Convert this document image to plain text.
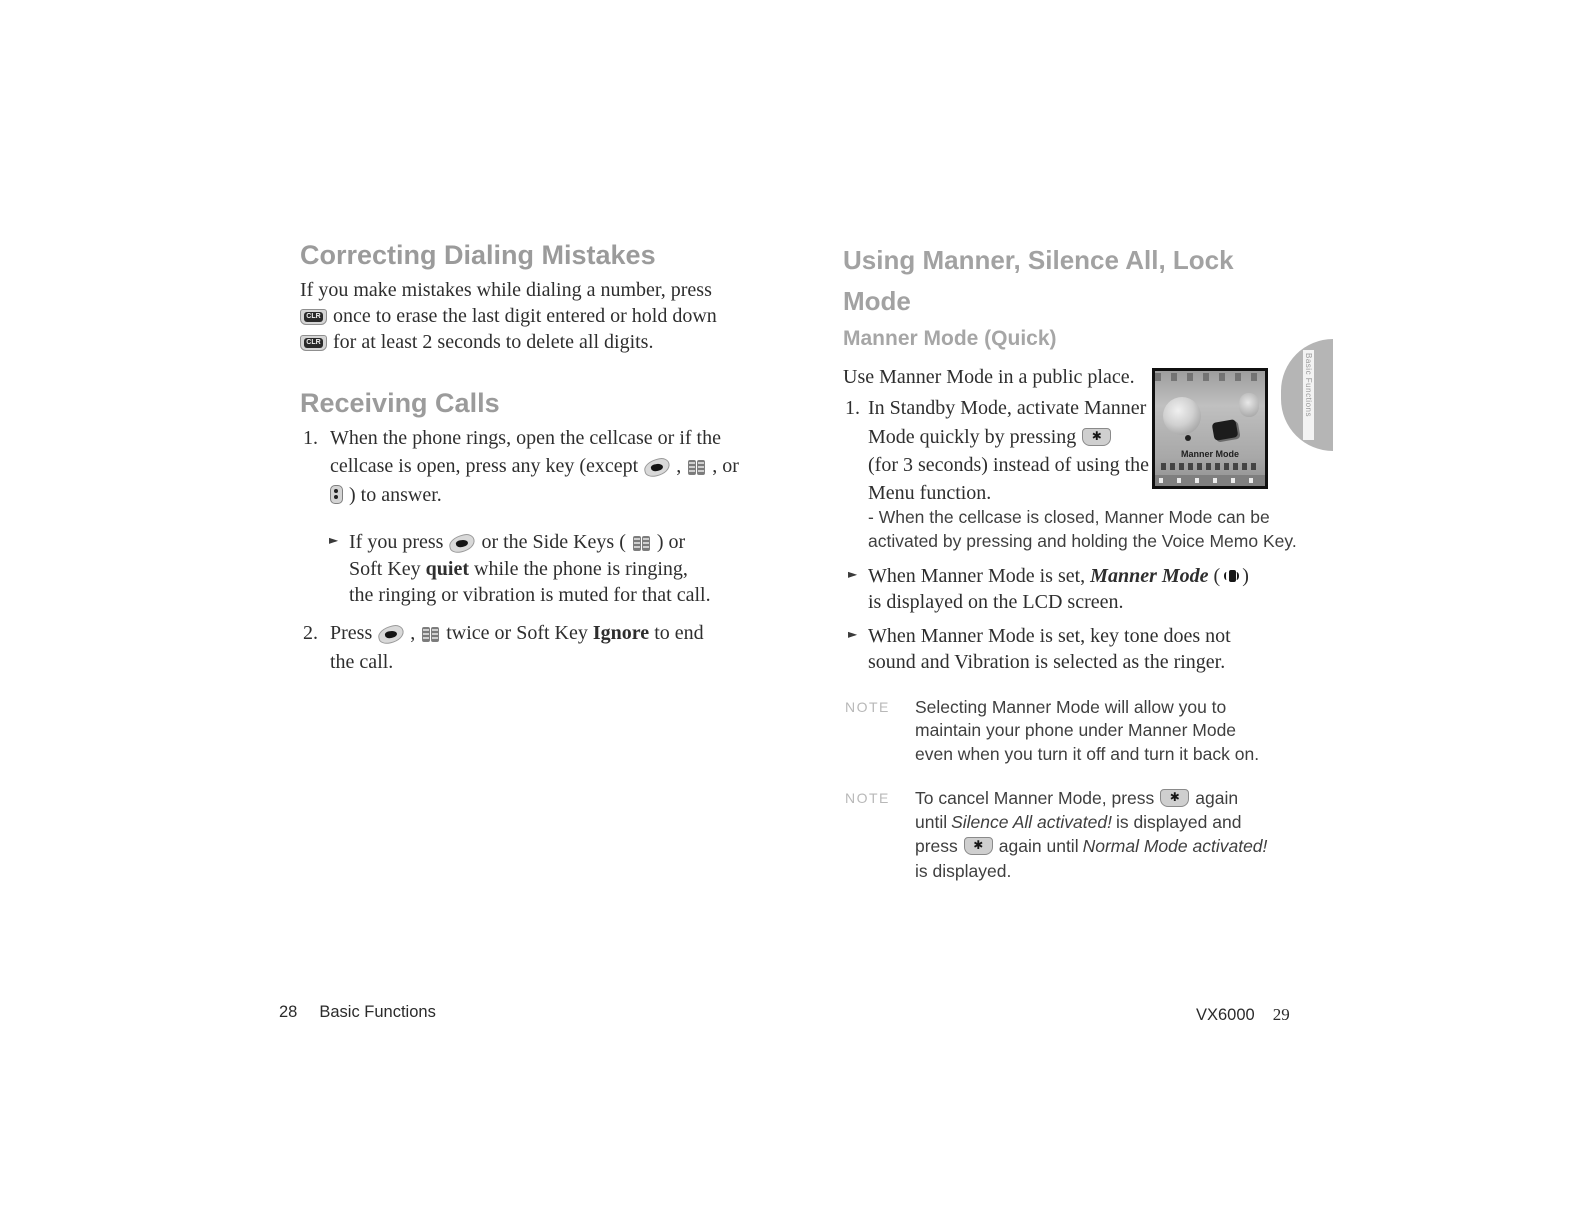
Correcting Dialing Mistakes
If you make mistakes while dialing a number, press
CLR once to erase the last digit entered or hold down
CLR for at least 2 seconds to delete all digits.
Receiving Calls
1. When the phone rings, open the cellcase or if the
cellcase is open, press any key (except , , or
) to answer.
► If you press or the Side Keys ( ) or
Soft Key quiet while the phone is ringing,
the ringing or vibration is muted for that call.
2. Press , twice or Soft Key Ignore to end
the call.
Using Manner, Silence All, Lock
Mode
Manner Mode (Quick)
Use Manner Mode in a public place.
1. In Standby Mode, activate Manner
Mode quickly by pressing	✱
(for 3 seconds) instead of using the
Menu function.
Manner Mode
- When the cellcase is closed, Manner Mode can be
activated by pressing and holding the Voice Memo Key.
► When Manner Mode is set, Manner Mode ( )
is displayed on the LCD screen.
► When Manner Mode is set, key tone does not
sound and Vibration is selected as the ringer.
NOTE Selecting Manner Mode will allow you to
maintain your phone under Manner Mode
even when you turn it off and turn it back on.
NOTE To cancel Manner Mode, press	✱ again
until Silence All activated! is displayed and
press	✱ again until Normal Mode activated!
is displayed.
Basic Functions
28 Basic Functions	VX6000 29
